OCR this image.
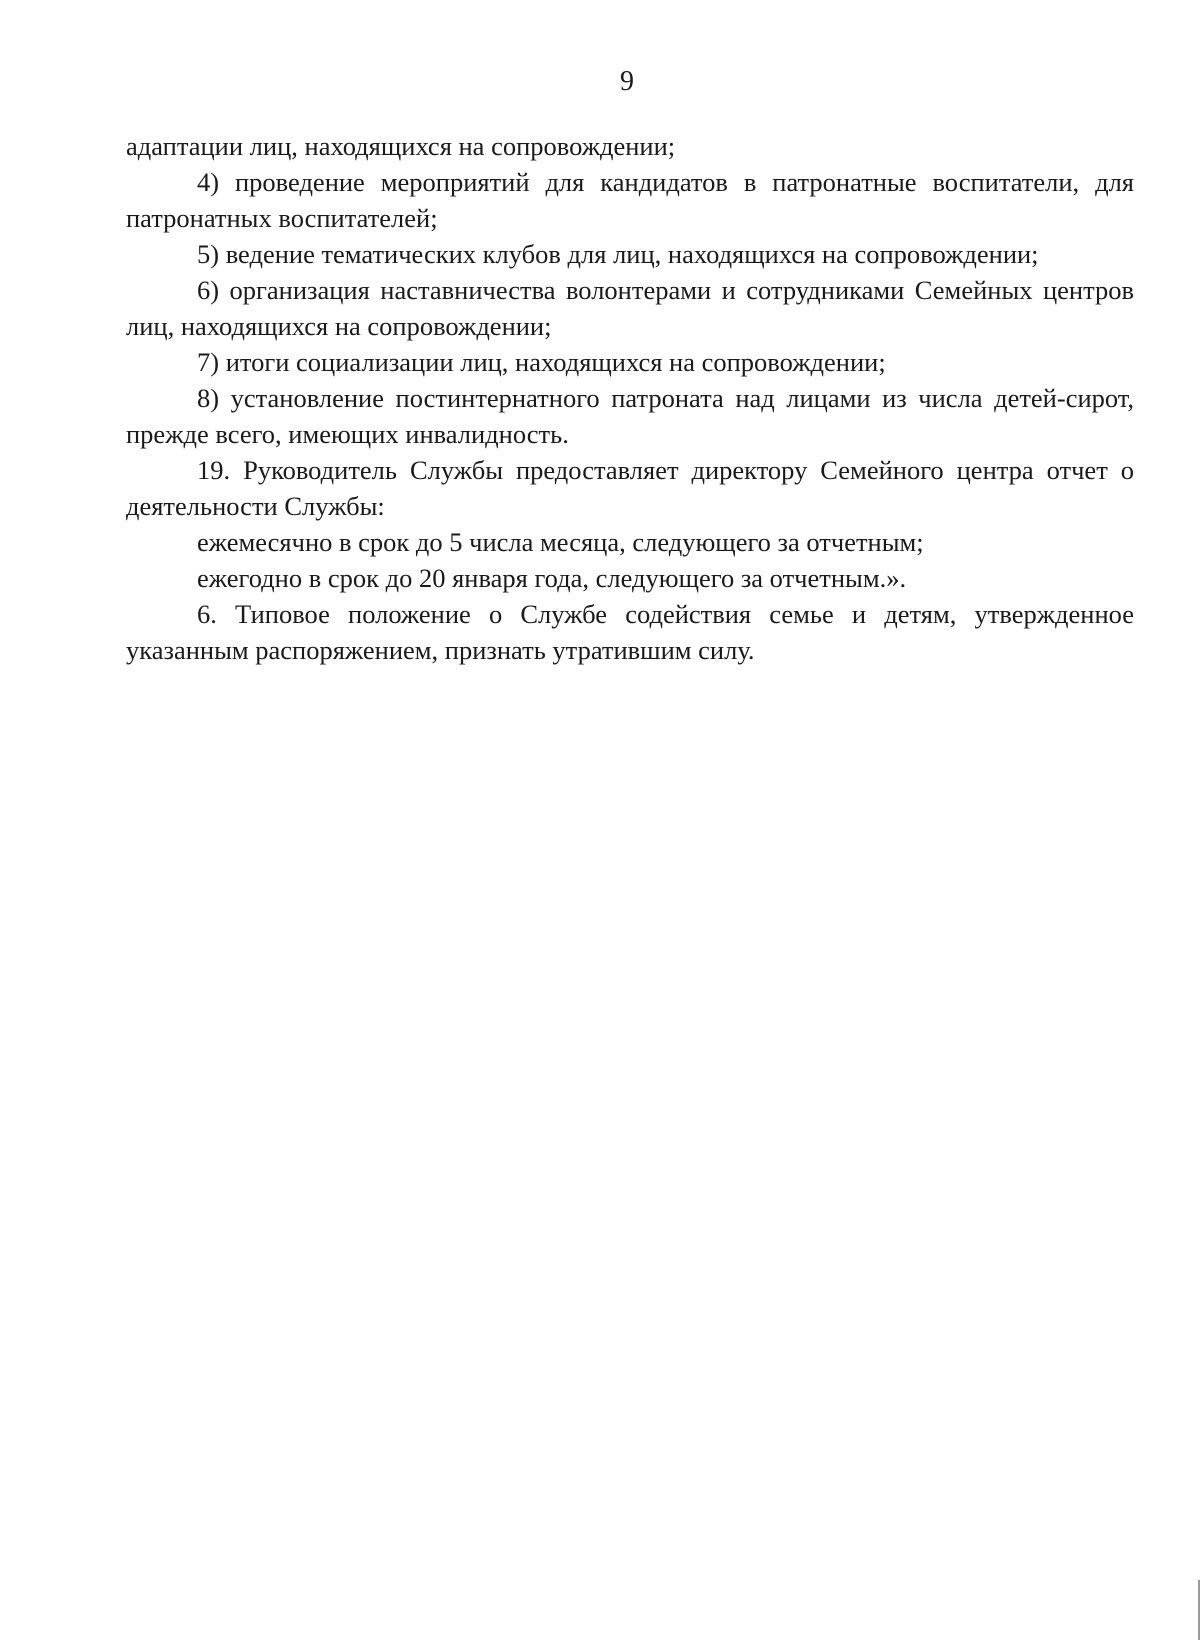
9

адаптации лиц, находящихся на сопровождении;

4) проведение мероприятий для кандидатов в патронатные воспитатели, для патронатных воспитателей;

5) ведение тематических клубов для лиц, находящихся на сопровождении;

6) организация наставничества волонтерами и сотрудниками Семейных центров лиц, находящихся на сопровождении;

7) итоги социализации лиц, находящихся на сопровождении;

8) установление постинтернатного патроната над лицами из числа детей-сирот, прежде всего, имеющих инвалидность.

19. Руководитель Службы предоставляет директору Семейного центра отчет о деятельности Службы:

ежемесячно в срок до 5 числа месяца, следующего за отчетным;

ежегодно в срок до 20 января года, следующего за отчетным.».

6. Типовое положение о Службе содействия семье и детям, утвержденное указанным распоряжением, признать утратившим силу.
